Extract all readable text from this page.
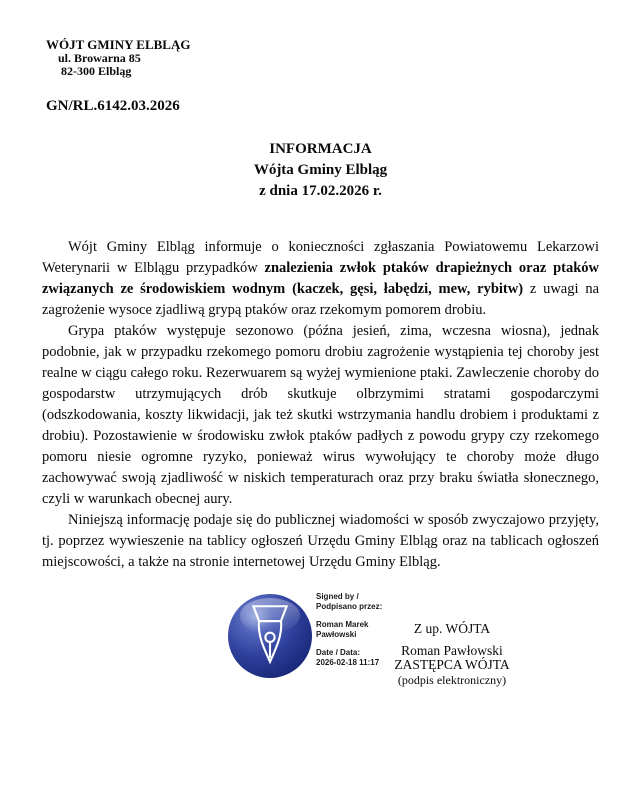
WÓJT GMINY ELBLĄG
ul. Browarna 85
82-300 Elbląg
GN/RL.6142.03.2026
INFORMACJA
Wójta Gminy Elbląg
z dnia 17.02.2026 r.

Wójt Gminy Elbląg informuje o konieczności zgłaszania Powiatowemu Lekarzowi Weterynarii w Elblągu przypadków znalezienia zwłok ptaków drapieżnych oraz ptaków związanych ze środowiskiem wodnym (kaczek, gęsi, łabędzi, mew, rybitw) z uwagi na zagrożenie wysoce zjadliwą grypą ptaków oraz rzekomym pomorem drobiu.

Grypa ptaków występuje sezonowo (późna jesień, zima, wczesna wiosna), jednak podobnie, jak w przypadku rzekomego pomoru drobiu zagrożenie wystąpienia tej choroby jest realne w ciągu całego roku. Rezerwuarem są wyżej wymienione ptaki. Zawleczenie choroby do gospodarstw utrzymujących drób skutkuje olbrzymimi stratami gospodarczymi (odszkodowania, koszty likwidacji, jak też skutki wstrzymania handlu drobiem i produktami z drobiu). Pozostawienie w środowisku zwłok ptaków padłych z powodu grypy czy rzekomego pomoru niesie ogromne ryzyko, ponieważ wirus wywołujący te choroby może długo zachowywać swoją zjadliwość w niskich temperaturach oraz przy braku światła słonecznego, czyli w warunkach obecnej aury.

Niniejszą informację podaje się do publicznej wiadomości w sposób zwyczajowo przyjęty, tj. poprzez wywieszenie na tablicy ogłoszeń Urzędu Gminy Elbląg oraz na tablicach ogłoszeń miejscowości, a także na stronie internetowej Urzędu Gminy Elbląg.

Signed by /
Podpisano przez:
Roman Marek
Pawłowski
Date / Data:
2026-02-18 11:17
Z up. WÓJTA
Roman Pawłowski
ZASTĘPCA WÓJTA
(podpis elektroniczny)
